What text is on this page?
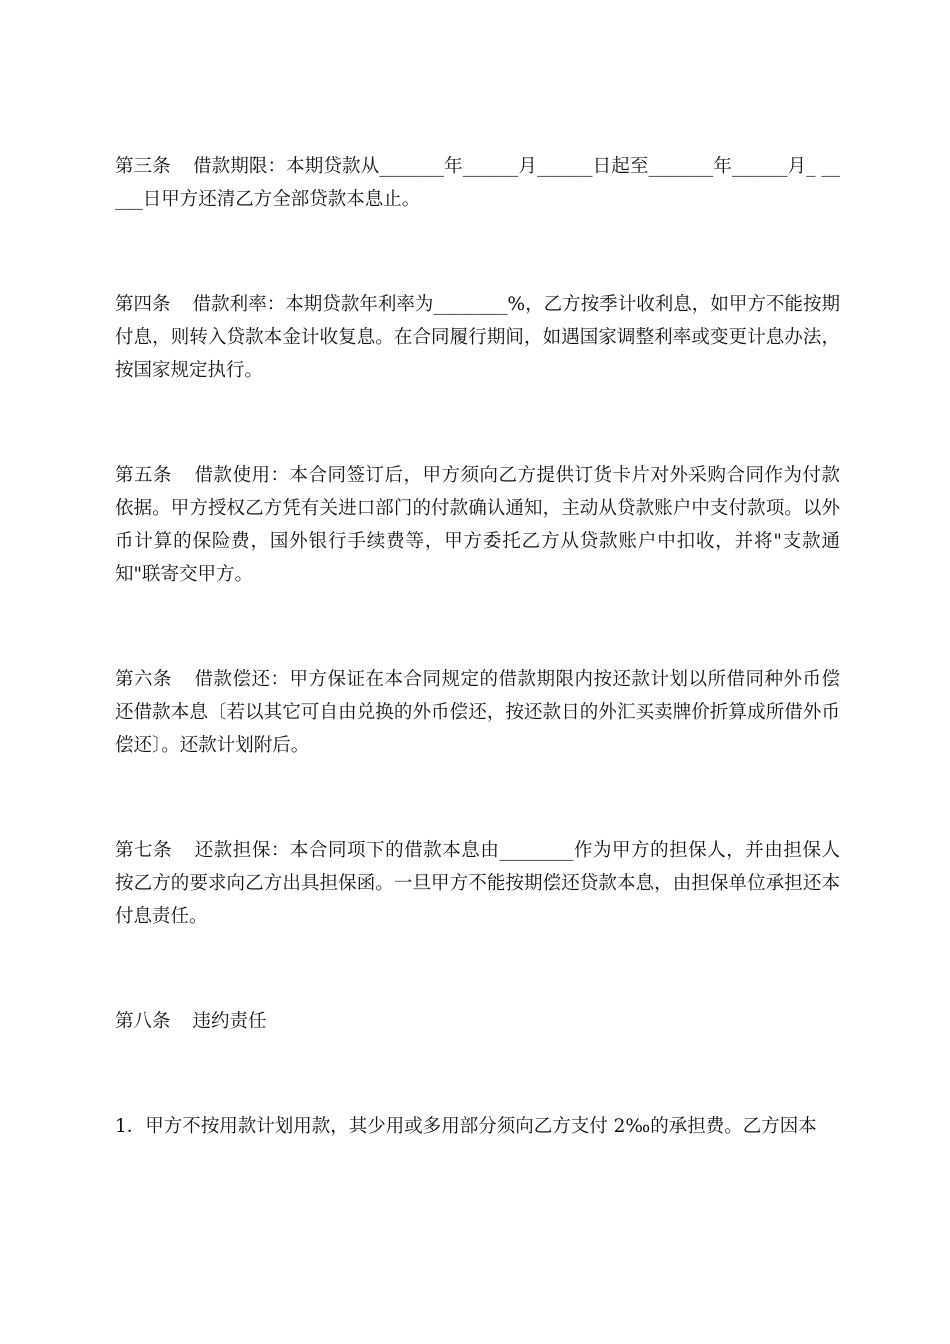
第三条 借款期限：本期贷款从_______年______月______日起至_______年______月_ _____日甲方还清乙方全部贷款本息止。

第四条 借款利率：本期贷款年利率为________%，乙方按季计收利息，如甲方不能按期付息，则转入贷款本金计收复息。在合同履行期间，如遇国家调整利率或变更计息办法，按国家规定执行。

第五条 借款使用：本合同签订后，甲方须向乙方提供订货卡片对外采购合同作为付款依据。甲方授权乙方凭有关进口部门的付款确认通知，主动从贷款账户中支付款项。以外币计算的保险费，国外银行手续费等，甲方委托乙方从贷款账户中扣收，并将"支款通知"联寄交甲方。

第六条 借款偿还：甲方保证在本合同规定的借款期限内按还款计划以所借同种外币偿还借款本息〔若以其它可自由兑换的外币偿还，按还款日的外汇买卖牌价折算成所借外币偿还〕。还款计划附后。

第七条 还款担保：本合同项下的借款本息由________作为甲方的担保人，并由担保人按乙方的要求向乙方出具担保函。一旦甲方不能按期偿还贷款本息，由担保单位承担还本付息责任。

第八条 违约责任

1．甲方不按用款计划用款，其少用或多用部分须向乙方支付 2‰的承担费。乙方因本
